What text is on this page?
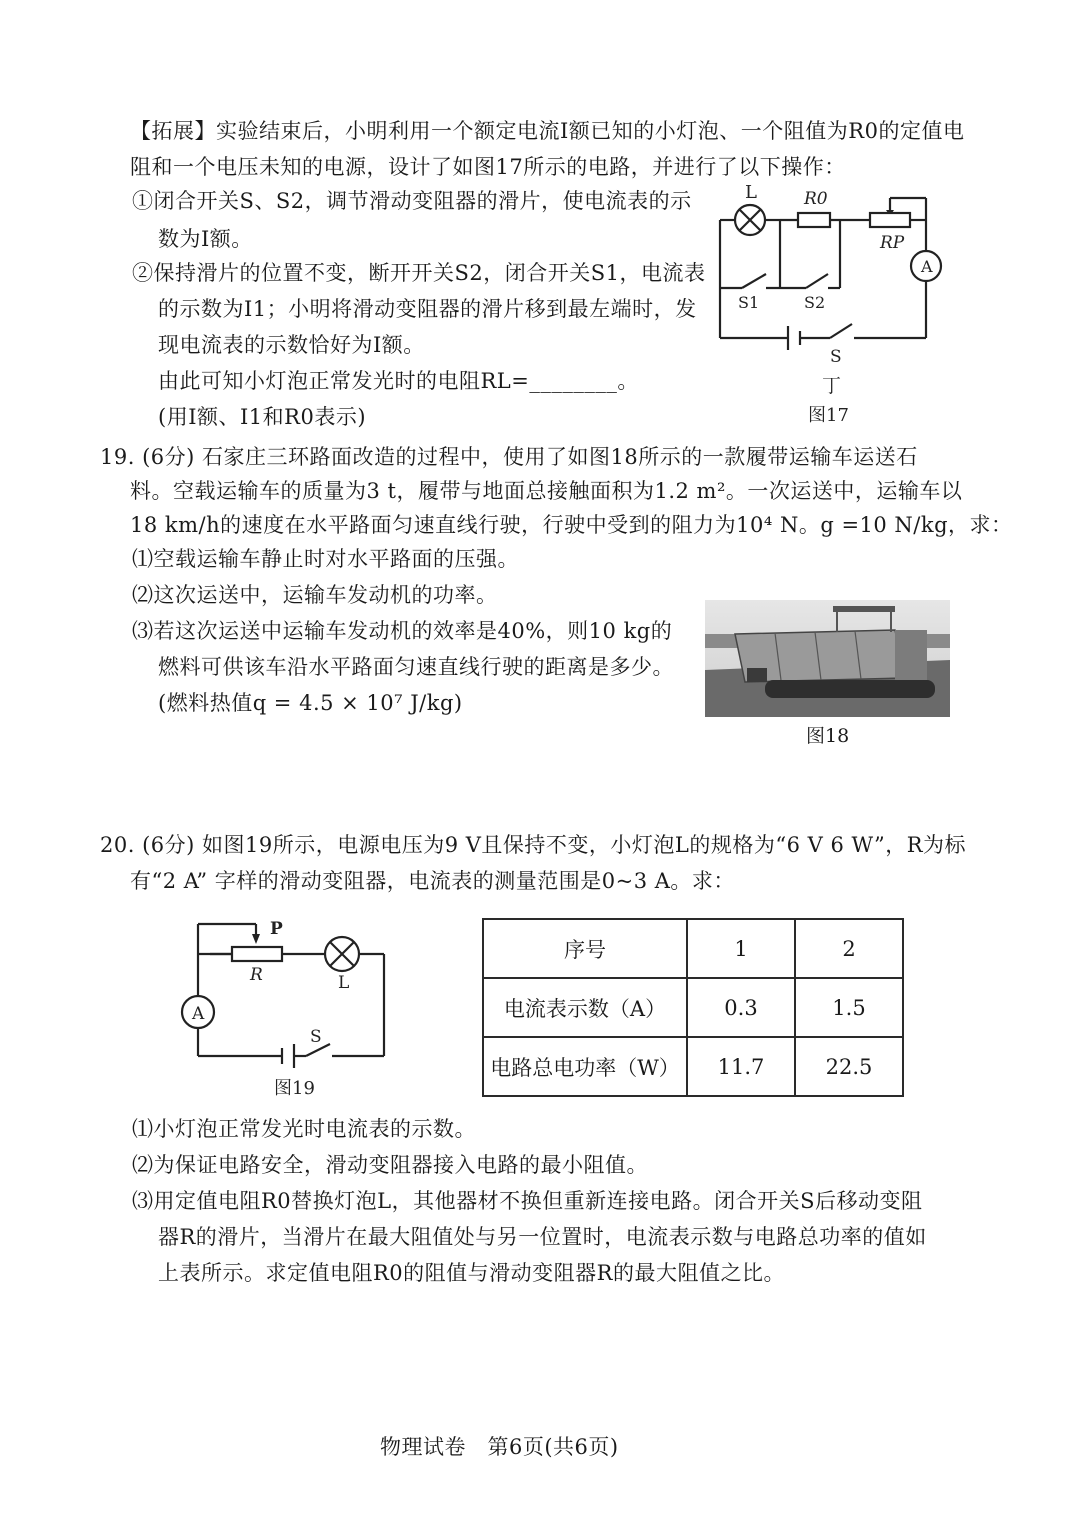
【拓展】实验结束后，小明利用一个额定电流I额已知的小灯泡、一个阻值为R0的定值电
阻和一个电压未知的电源，设计了如图17所示的电路，并进行了以下操作：
①闭合开关S、S2，调节滑动变阻器的滑片，使电流表的示
数为I额。
②保持滑片的位置不变，断开开关S2，闭合开关S1，电流表
的示数为I1；小明将滑动变阻器的滑片移到最左端时，发
现电流表的示数恰好为I额。
由此可知小灯泡正常发光时的电阻RL=________。
(用I额、I1和R0表示)
A
L	R0
RP
S1	S2
S
丁
图17
19. (6分) 石家庄三环路面改造的过程中，使用了如图18所示的一款履带运输车运送石
料。空载运输车的质量为3 t，履带与地面总接触面积为1.2 m²。一次运送中，运输车以
18 km/h的速度在水平路面匀速直线行驶，行驶中受到的阻力为10⁴ N。g =10 N/kg，求：
⑴空载运输车静止时对水平路面的压强。
⑵这次运送中，运输车发动机的功率。
⑶若这次运送中运输车发动机的效率是40%，则10 kg的
燃料可供该车沿水平路面匀速直线行驶的距离是多少。
(燃料热值q = 4.5 × 10⁷ J/kg)
图18
20. (6分) 如图19所示，电源电压为9 V且保持不变，小灯泡L的规格为“6 V 6 W”，R为标
有“2 A” 字样的滑动变阻器，电流表的测量范围是0~3 A。求：
A
P
R	L
S
图19
序号	1	2
电流表示数（A）	0.3	1.5
电路总电功率（W）	11.7	22.5
⑴小灯泡正常发光时电流表的示数。
⑵为保证电路安全，滑动变阻器接入电路的最小阻值。
⑶用定值电阻R0替换灯泡L，其他器材不换但重新连接电路。闭合开关S后移动变阻
器R的滑片，当滑片在最大阻值处与另一位置时，电流表示数与电路总功率的值如
上表所示。求定值电阻R0的阻值与滑动变阻器R的最大阻值之比。
物理试卷　第6页(共6页)
